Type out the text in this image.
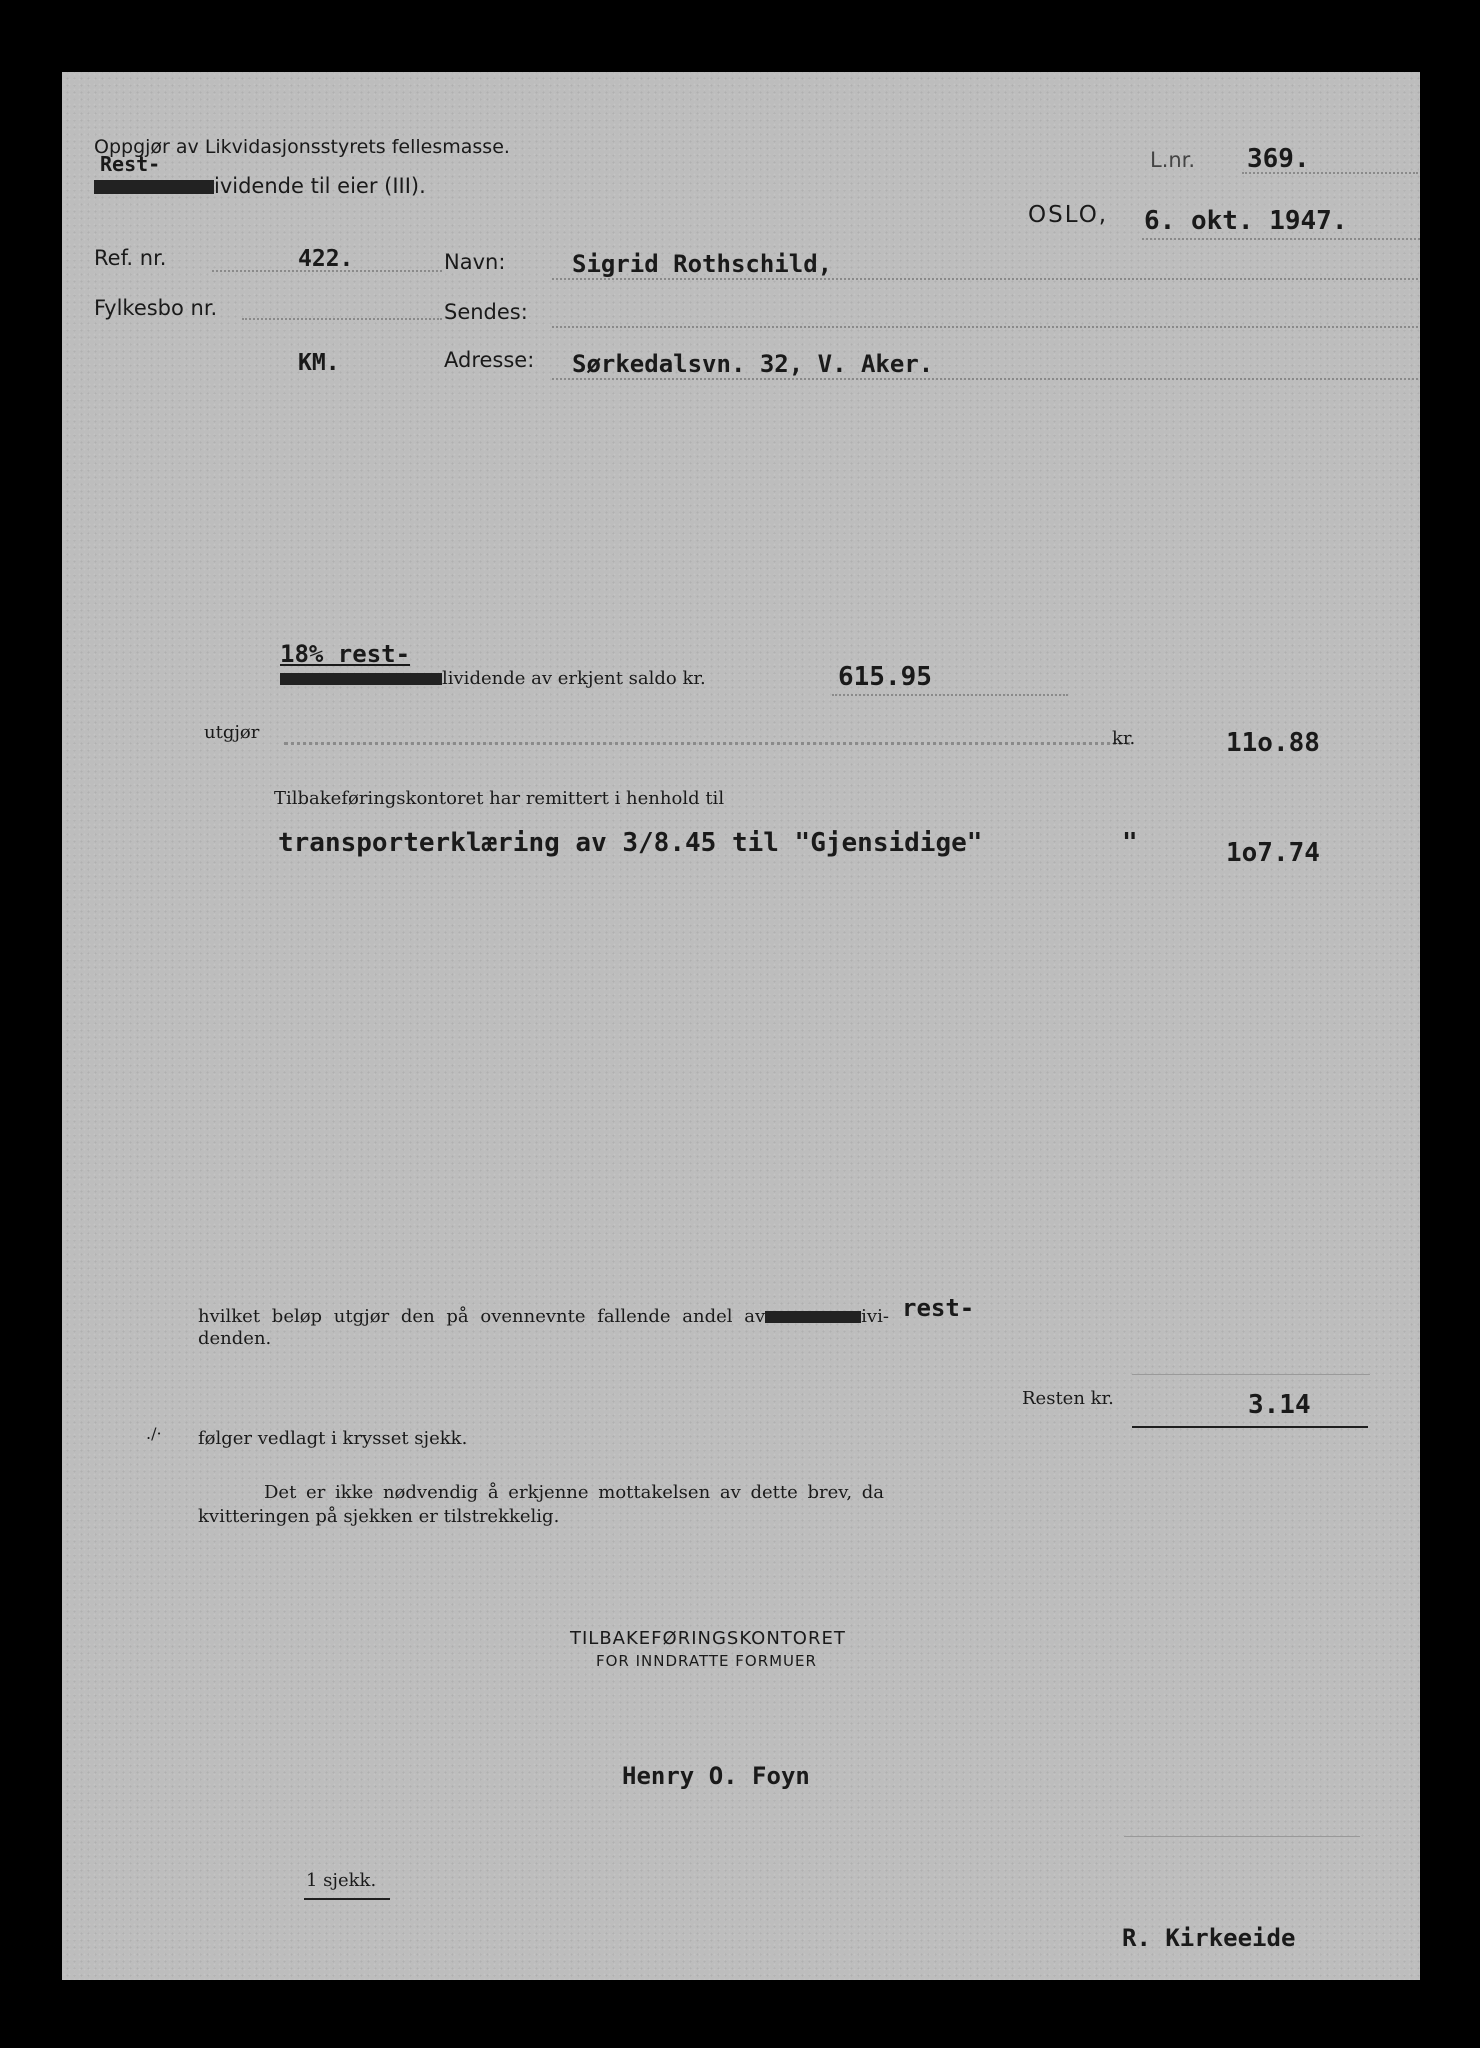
Oppgjør av Likvidasjonsstyrets fellesmasse.
Rest-
ividende til eier (III).
L.nr. 369.
OSLO, 6. okt. 1947.
Ref. nr.	422.
Fylkesbo nr.
KM.
Navn:	Sigrid Rothschild,
Sendes:
Adresse: Sørkedalsvn. 32, V. Aker.
18% rest-
lividende av erkjent saldo kr.	615.95
utgjør	kr.	11o.88
Tilbakeføringskontoret har remittert i henhold til
transporterklæring av 3/8.45 til "Gjensidige"	"	1o7.74
rest-
hvilket beløp utgjør den på ovennevnte fallende andel av	ivi-
denden.
Resten kr.	3.14
./· følger vedlagt i krysset sjekk.
Det er ikke nødvendig å erkjenne mottakelsen av dette brev, da
kvitteringen på sjekken er tilstrekkelig.
TILBAKEFØRINGSKONTORET
FOR INNDRATTE FORMUER
Henry O. Foyn
1 sjekk.
R. Kirkeeide
